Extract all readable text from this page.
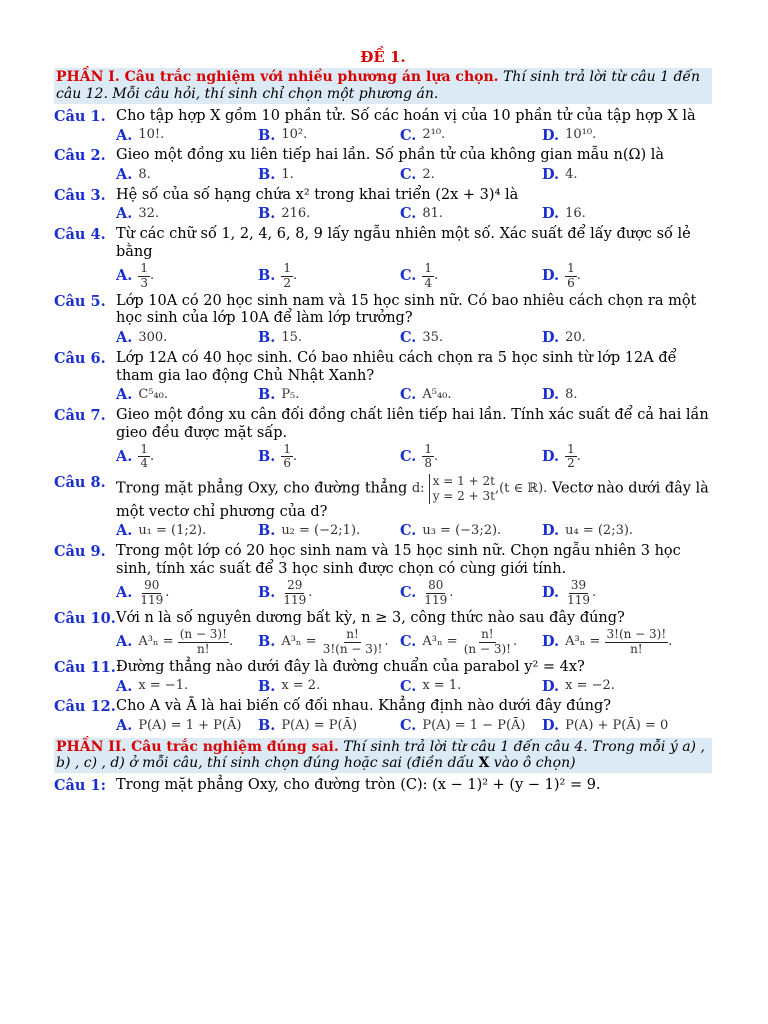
ĐỀ 1.
PHẦN I. Câu trắc nghiệm với nhiều phương án lựa chọn. Thí sinh trả lời từ câu 1 đến câu 12. Mỗi câu hỏi, thí sinh chỉ chọn một phương án.
Câu 1. Cho tập hợp X gồm 10 phần tử. Số các hoán vị của 10 phần tử của tập hợp X là
A. 10!.	B. 10².	C. 2¹⁰.	D. 10¹⁰.
Câu 2. Gieo một đồng xu liên tiếp hai lần. Số phần tử của không gian mẫu n(Ω) là
A. 8.	B. 1.	C. 2.	D. 4.
Câu 3. Hệ số của số hạng chứa x² trong khai triển (2x + 3)⁴ là
A. 32.	B. 216.	C. 81.	D. 16.
Câu 4. Từ các chữ số 1, 2, 4, 6, 8, 9 lấy ngẫu nhiên một số. Xác suất để lấy được số lẻ bằng
A. $\frac{1}{3}$ .	B. $\frac{1}{2}$ .	C. $\frac{1}{4}$ .	D. $\frac{1}{6}$ .
Câu 5. Lớp 10A có 20 học sinh nam và 15 học sinh nữ. Có bao nhiêu cách chọn ra một học sinh của lớp 10A để làm lớp trưởng?
A. 300.	B. 15.	C. 35.	D. 20.
Câu 6. Lớp 12A có 40 học sinh. Có bao nhiêu cách chọn ra 5 học sinh từ lớp 12A để tham gia lao động Chủ Nhật Xanh?
A. C⁵₄₀.	B. P₅.	C. A⁵₄₀.	D. 8.
Câu 7. Gieo một đồng xu cân đối đồng chất liên tiếp hai lần. Tính xác suất để cả hai lần gieo đều được mặt sấp.
A. $\frac{1}{4}$ .	B. $\frac{1}{6}$ .	C. $\frac{1}{8}$ .	D. $\frac{1}{2}$ .
Câu 8. Trong mặt phẳng Oxy, cho đường thẳng d:
x = 1 + 2t
y = 2 + 3t ,(t ∈ ℝ). Vectơ nào dưới đây là
một vectơ chỉ phương của d?
A. u₁ = (1;2).	B. u₂ = (−2;1).	C. u₃ = (−3;2).	D. u₄ = (2;3).
Câu 9. Trong một lớp có 20 học sinh nam và 15 học sinh nữ. Chọn ngẫu nhiên 3 học sinh, tính xác suất để 3 học sinh được chọn có cùng giới tính.
A. $\frac{90}{119}$ .	B. $\frac{29}{119}$ .	C. $\frac{80}{119}$ .	D. $\frac{39}{119}$ .
Câu 10. Với n là số nguyên dương bất kỳ, n ≥ 3, công thức nào sau đây đúng?
A. $A^3_n = \frac{(n - 3)!}{n!}$ . B. $A^3_n = \frac{n!}{3!(n - 3)!}$ . C. $A^3_n = \frac{n!}{(n - 3)!}$ . D. $A^3_n = \frac{3!(n - 3)!}{n!}$ .
Câu 11. Đường thẳng nào dưới đây là đường chuẩn của parabol y² = 4x?
A. x = −1.	B. x = 2.	C. x = 1.	D. x = −2.
Câu 12. Cho A và Ā là hai biến cố đối nhau. Khẳng định nào dưới đây đúng?
A. P(A) = 1 + P(Ā) B. P(A) = P(Ā)	C. P(A) = 1 − P(Ā) D. P(A) + P(Ā) = 0
PHẦN II. Câu trắc nghiệm đúng sai. Thí sinh trả lời từ câu 1 đến câu 4. Trong mỗi ý a) , b) , c) , d) ở mỗi câu, thí sinh chọn đúng hoặc sai (điền dấu X vào ô chọn)
Câu 1: Trong mặt phẳng Oxy, cho đường tròn (C): (x − 1)² + (y − 1)² = 9.
